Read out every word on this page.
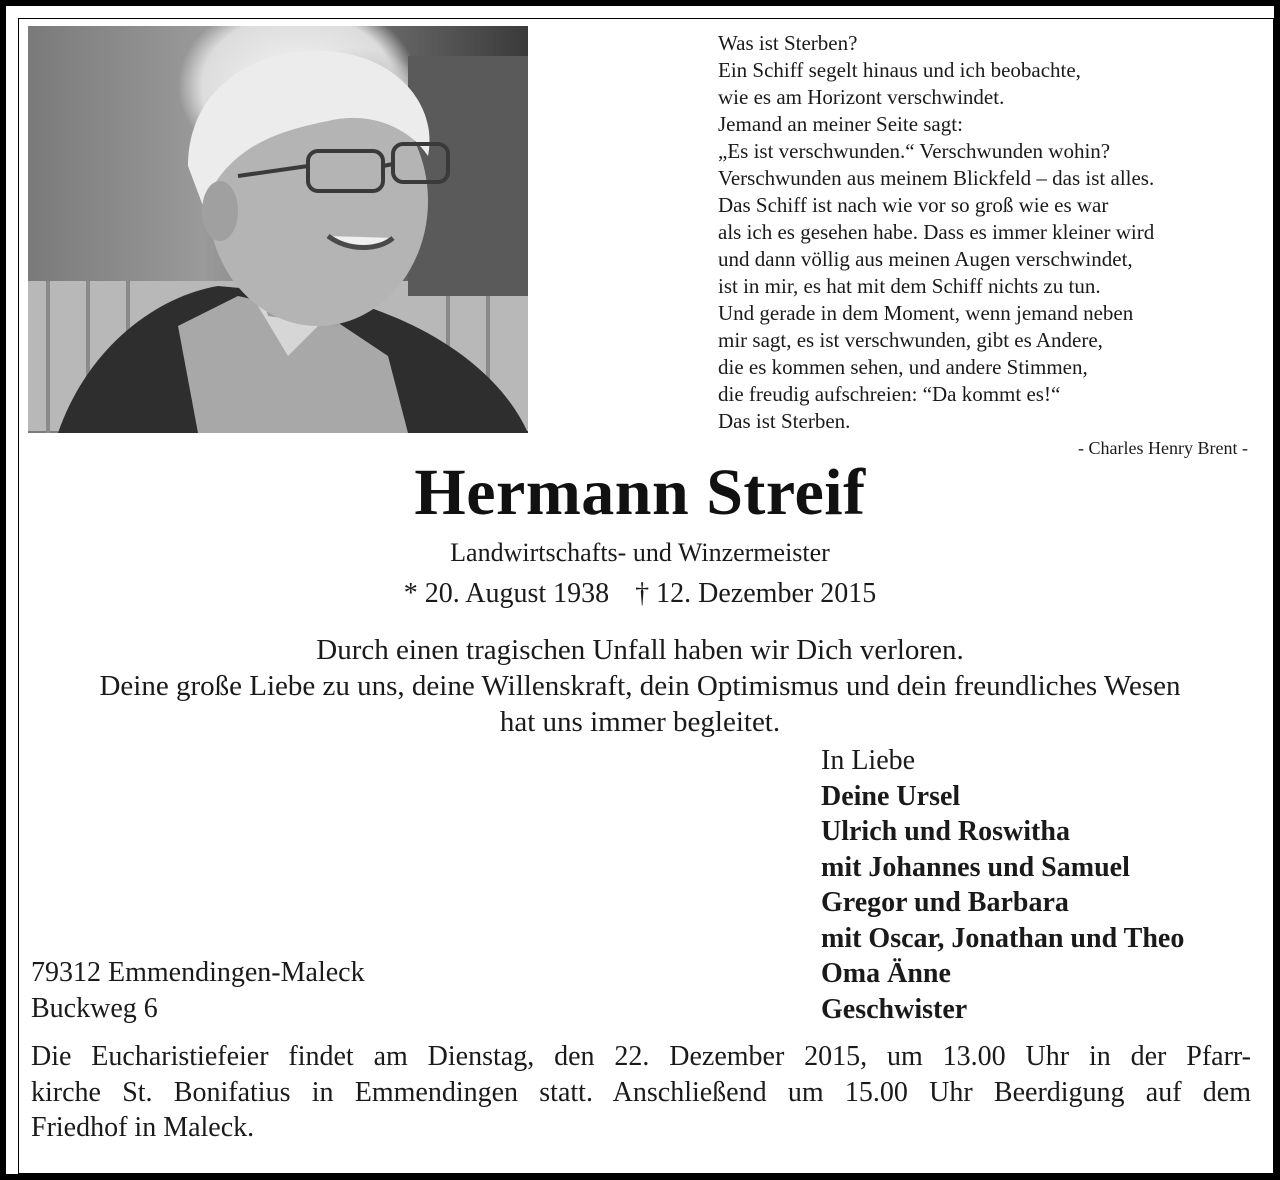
Was ist Sterben?
Ein Schiff segelt hinaus und ich beobachte,
wie es am Horizont verschwindet.
Jemand an meiner Seite sagt:
„Es ist verschwunden.“ Verschwunden wohin?
Verschwunden aus meinem Blickfeld – das ist alles.
Das Schiff ist nach wie vor so groß wie es war
als ich es gesehen habe. Dass es immer kleiner wird
und dann völlig aus meinen Augen verschwindet,
ist in mir, es hat mit dem Schiff nichts zu tun.
Und gerade in dem Moment, wenn jemand neben
mir sagt, es ist verschwunden, gibt es Andere,
die es kommen sehen, und andere Stimmen,
die freudig aufschreien: “Da kommt es!“
Das ist Sterben.
- Charles Henry Brent -
Hermann Streif
Landwirtschafts- und Winzermeister
* 20. August 1938 † 12. Dezember 2015
Durch einen tragischen Unfall haben wir Dich verloren.
Deine große Liebe zu uns, deine Willenskraft, dein Optimismus und dein freundliches Wesen
hat uns immer begleitet.
In Liebe
Deine Ursel
Ulrich und Roswitha
mit Johannes und Samuel
Gregor und Barbara
mit Oscar, Jonathan und Theo
Oma Änne
Geschwister
79312 Emmendingen-Maleck
Buckweg 6
Die Eucharistiefeier findet am Dienstag, den 22. Dezember 2015, um 13.00 Uhr in der Pfarr-
kirche St. Bonifatius in Emmendingen statt. Anschließend um 15.00 Uhr Beerdigung auf dem
Friedhof in Maleck.
